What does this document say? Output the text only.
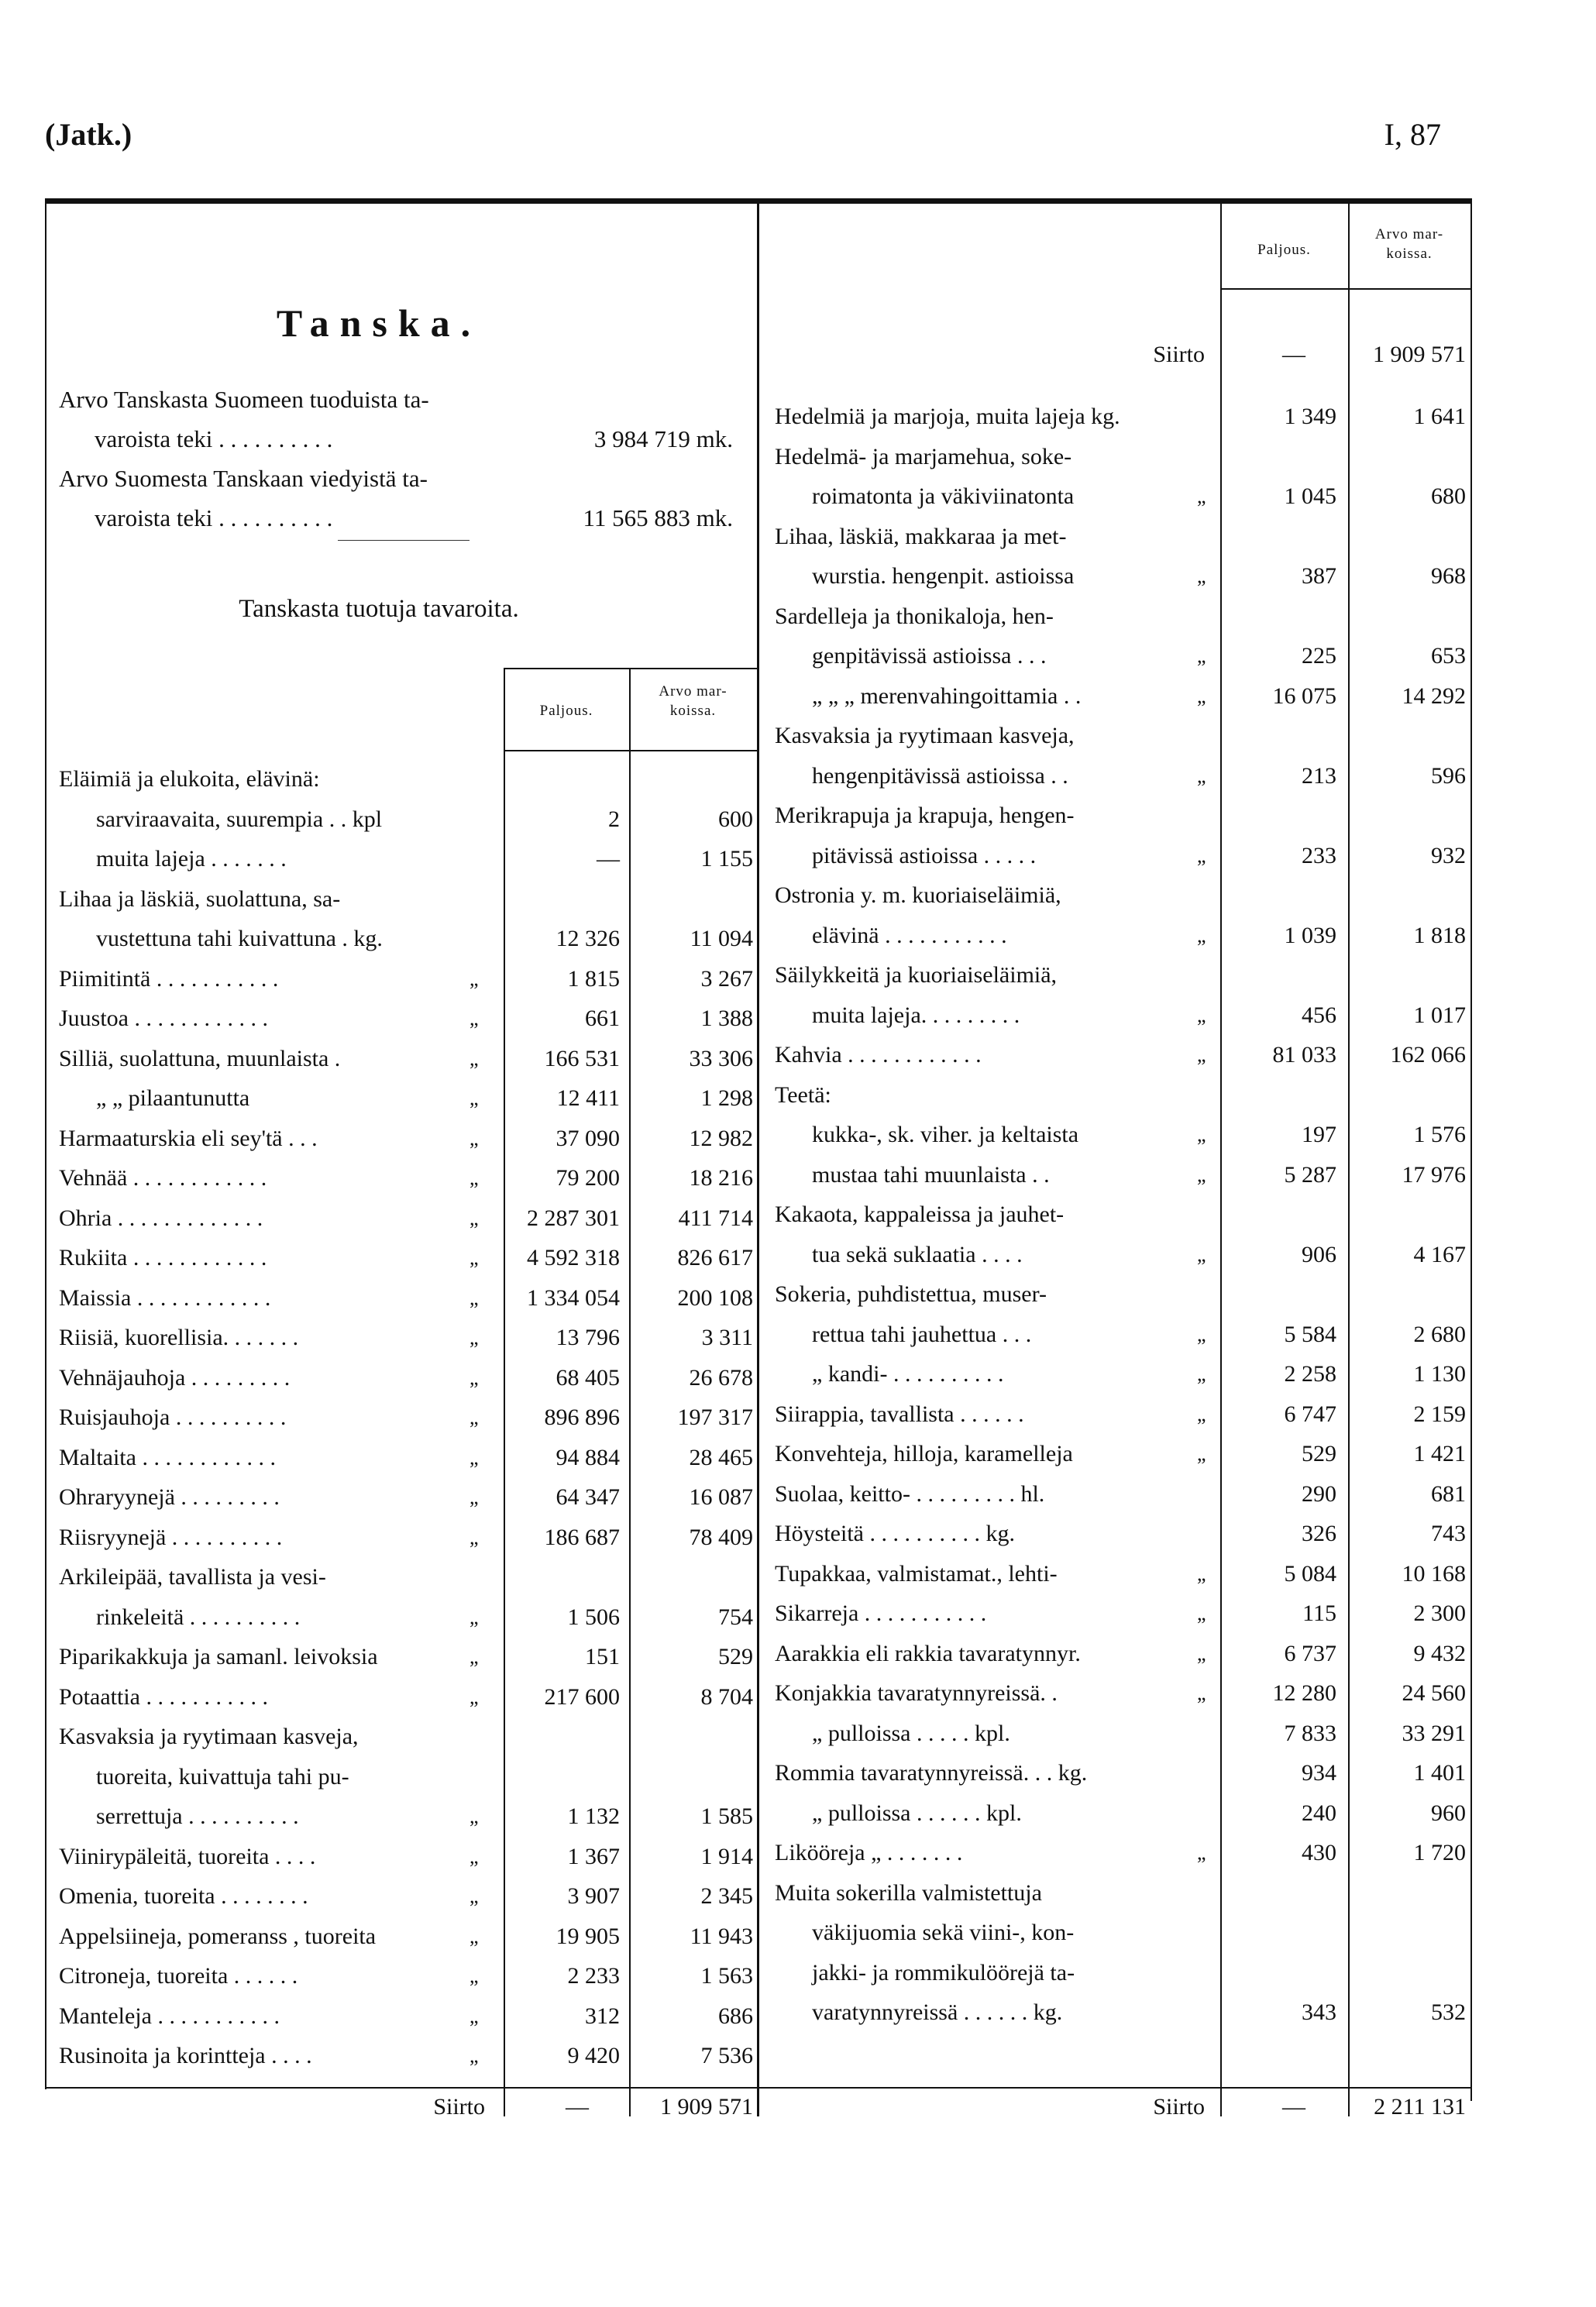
(Jatk.)	I, 87
Paljous.
Arvo mar-
koissa.
Paljous.
Arvo mar-
koissa.
Tanska.
Arvo Tanskasta Suomeen tuoduista ta-
varoista teki . . . . . . . . . .	3 984 719 mk.
Arvo Suomesta Tanskaan viedyistä ta-
varoista teki . . . . . . . . . .	11 565 883 mk.
Tanskasta tuotuja tavaroita.
Eläimiä ja elukoita, elävinä:
sarviraavaita, suurempia . . kpl	2	600
muita lajeja . . . . . . .	—	1 155
Lihaa ja läskiä, suolattuna, sa-
vustettuna tahi kuivattuna . kg.	12 326	11 094
Piimitintä . . . . . . . . . . .	„	1 815	3 267
Juustoa . . . . . . . . . . . .	„	661	1 388
Silliä, suolattuna, muunlaista .	„	166 531	33 306
„ „ pilaantunutta	„	12 411	1 298
Harmaaturskia eli sey'tä . . .	„	37 090	12 982
Vehnää . . . . . . . . . . . .	„	79 200	18 216
Ohria . . . . . . . . . . . . .	„	2 287 301	411 714
Rukiita . . . . . . . . . . . .	„	4 592 318	826 617
Maissia . . . . . . . . . . . .	„	1 334 054	200 108
Riisiä, kuorellisia. . . . . . .	„	13 796	3 311
Vehnäjauhoja . . . . . . . . .	„	68 405	26 678
Ruisjauhoja . . . . . . . . . .	„	896 896	197 317
Maltaita . . . . . . . . . . . .	„	94 884	28 465
Ohraryynejä . . . . . . . . .	„	64 347	16 087
Riisryynejä . . . . . . . . . .	„	186 687	78 409
Arkileipää, tavallista ja vesi-
rinkeleitä . . . . . . . . . .	„	1 506	754
Piparikakkuja ja samanl. leivoksia	„	151	529
Potaattia . . . . . . . . . . .	„	217 600	8 704
Kasvaksia ja ryytimaan kasveja,
tuoreita, kuivattuja tahi pu-
serrettuja . . . . . . . . . .	„	1 132	1 585
Viinirypäleitä, tuoreita . . . .	„	1 367	1 914
Omenia, tuoreita . . . . . . . .	„	3 907	2 345
Appelsiineja, pomeranss , tuoreita	„	19 905	11 943
Citroneja, tuoreita . . . . . .	„	2 233	1 563
Manteleja . . . . . . . . . . .	„	312	686
Rusinoita ja korintteja . . . .	„	9 420	7 536
Siirto	—	1 909 571
Siirto	—	1 909 571
Hedelmiä ja marjoja, muita lajeja kg.	1 349	1 641
Hedelmä- ja marjamehua, soke-
roimatonta ja väkiviinatonta	„	1 045	680
Lihaa, läskiä, makkaraa ja met-
wurstia. hengenpit. astioissa	„	387	968
Sardelleja ja thonikaloja, hen-
genpitävissä astioissa . . .	„	225	653
„ „ „ merenvahingoittamia . .	„	16 075	14 292
Kasvaksia ja ryytimaan kasveja,
hengenpitävissä astioissa . .	„	213	596
Merikrapuja ja krapuja, hengen-
pitävissä astioissa . . . . .	„	233	932
Ostronia y. m. kuoriaiseläimiä,
elävinä . . . . . . . . . . .	„	1 039	1 818
Säilykkeitä ja kuoriaiseläimiä,
muita lajeja. . . . . . . . .	„	456	1 017
Kahvia . . . . . . . . . . . .	„	81 033	162 066
Teetä:
kukka-, sk. viher. ja keltaista	„	197	1 576
mustaa tahi muunlaista . .	„	5 287	17 976
Kakaota, kappaleissa ja jauhet-
tua sekä suklaatia . . . .	„	906	4 167
Sokeria, puhdistettua, muser-
rettua tahi jauhettua . . .	„	5 584	2 680
„ kandi- . . . . . . . . . .	„	2 258	1 130
Siirappia, tavallista . . . . . .	„	6 747	2 159
Konvehteja, hilloja, karamelleja	„	529	1 421
Suolaa, keitto- . . . . . . . . . hl.	290	681
Höysteitä . . . . . . . . . . kg.	326	743
Tupakkaa, valmistamat., lehti-	„	5 084	10 168
Sikarreja . . . . . . . . . . .	„	115	2 300
Aarakkia eli rakkia tavaratynnyr.	„	6 737	9 432
Konjakkia tavaratynnyreissä. .	„	12 280	24 560
„ pulloissa . . . . . kpl.	7 833	33 291
Rommia tavaratynnyreissä. . . kg.	934	1 401
„ pulloissa . . . . . . kpl.	240	960
Likööreja „ . . . . . . .	„	430	1 720
Muita sokerilla valmistettuja
väkijuomia sekä viini-, kon-
jakki- ja rommikulöörejä ta-
varatynnyreissä . . . . . . kg.	343	532
Siirto	—	2 211 131
